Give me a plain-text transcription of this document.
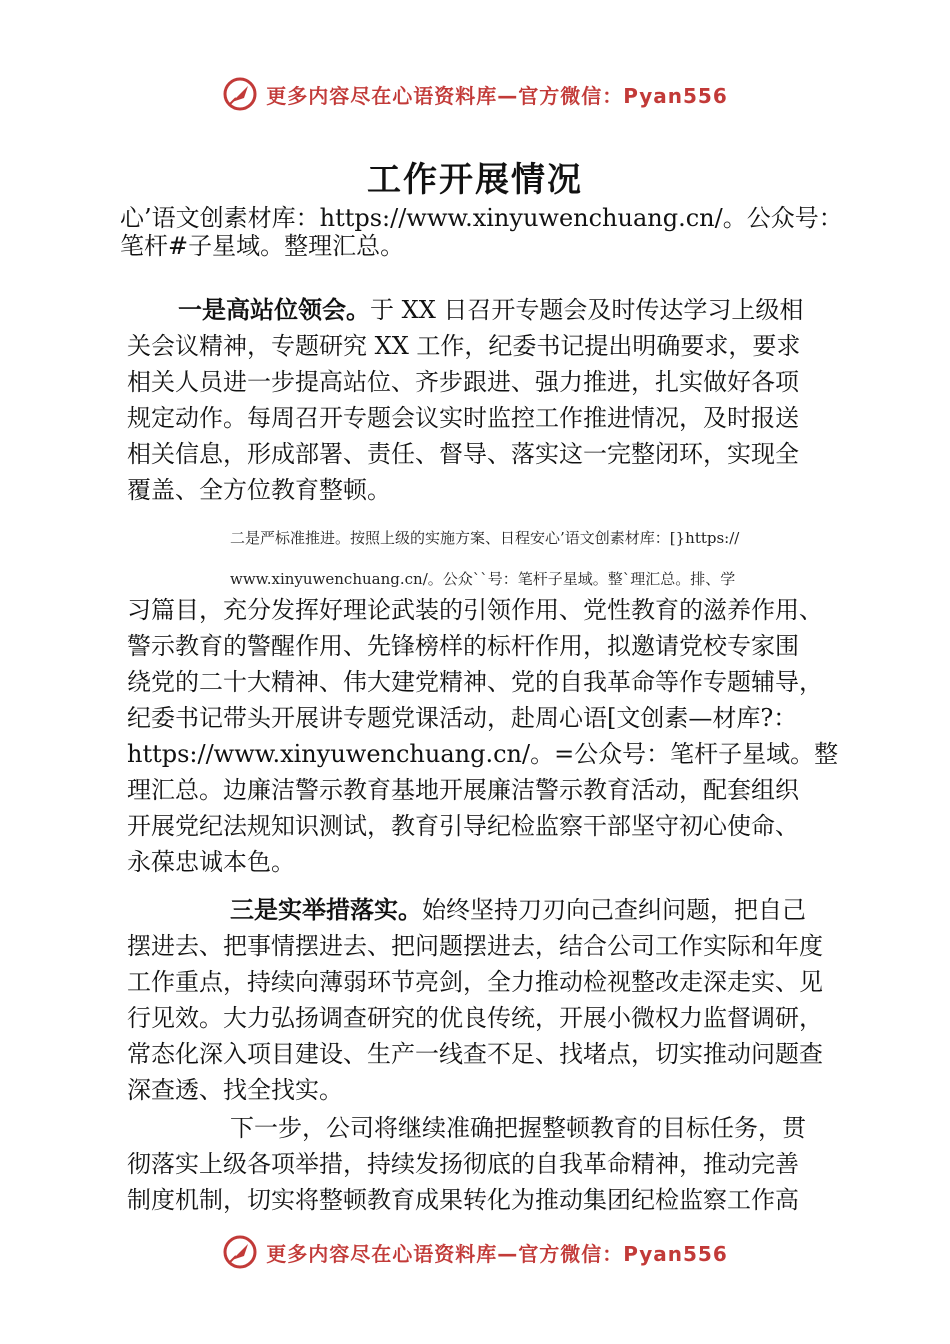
更多内容尽在心语资料库—官方微信：Pyan556
工作开展情况

心’语文创素材库：https://www.xinyuwenchuang.cn/。公众号：

笔杆#子星域。整理汇总。

一是高站位领会。于 XX 日召开专题会及时传达学习上级相

关会议精神，专题研究 XX 工作，纪委书记提出明确要求，要求

相关人员进一步提高站位、齐步跟进、强力推进，扎实做好各项

规定动作。每周召开专题会议实时监控工作推进情况，及时报送

相关信息，形成部署、责任、督导、落实这一完整闭环，实现全

覆盖、全方位教育整顿。

二是严标准推进。按照上级的实施方案、日程安心’语文创素材库：[}https://

www.xinyuwenchuang.cn/。公众``号：笔杆子星域。整`理汇总。排、学

习篇目，充分发挥好理论武装的引领作用、党性教育的滋养作用、

警示教育的警醒作用、先锋榜样的标杆作用，拟邀请党校专家围

绕党的二十大精神、伟大建党精神、党的自我革命等作专题辅导，

纪委书记带头开展讲专题党课活动，赴周心语[文创素—材库?：

https://www.xinyuwenchuang.cn/。=公众号：笔杆子星域。整

理汇总。边廉洁警示教育基地开展廉洁警示教育活动，配套组织

开展党纪法规知识测试，教育引导纪检监察干部坚守初心使命、

永葆忠诚本色。

三是实举措落实。始终坚持刀刃向己查纠问题，把自己

摆进去、把事情摆进去、把问题摆进去，结合公司工作实际和年度

工作重点，持续向薄弱环节亮剑，全力推动检视整改走深走实、见

行见效。大力弘扬调查研究的优良传统，开展小微权力监督调研，

常态化深入项目建设、生产一线查不足、找堵点，切实推动问题查

深查透、找全找实。

下一步，公司将继续准确把握整顿教育的目标任务，贯

彻落实上级各项举措，持续发扬彻底的自我革命精神，推动完善

制度机制，切实将整顿教育成果转化为推动集团纪检监察工作高

更多内容尽在心语资料库—官方微信：Pyan556
